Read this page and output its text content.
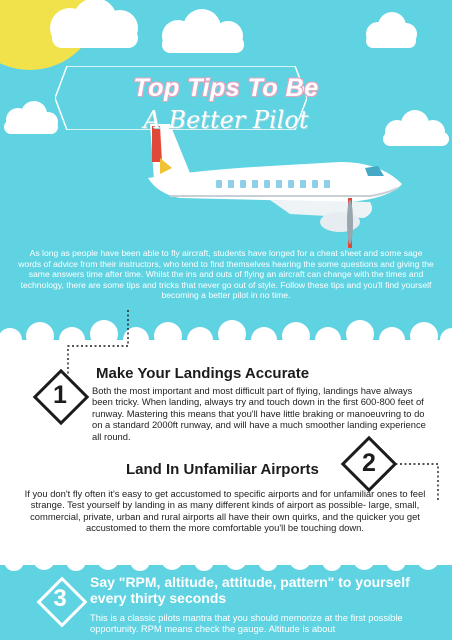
Top Tips To Be
A Better Pilot
As long as people have been able to fly aircraft, students have longed for a cheat sheet and some sage words of advice from their instructors, who tend to find themselves hearing the some questions and giving the same answers time after time. Whilst the ins and outs of flying an aircraft can change with the times and technology, there are some tips and tricks that never go out of style. Follow these tips and you'll find yourself becoming a better pilot in no time.
1
Make Your Landings Accurate
Both the most important and most difficult part of flying, landings have always been tricky. When landing, always try and touch down in the first 600-800 feet of runway. Mastering this means that you'll have little braking or manoeuvring to do on a standard 2000ft runway, and will have a much smoother landing experience all round.
2
Land In Unfamiliar Airports
If you don't fly often it's easy to get accustomed to specific airports and for unfamiliar ones to feel strange. Test yourself by landing in as many different kinds of airport as possible- large, small, commercial, private, urban and rural airports all have their own quirks, and the quicker you get accustomed to them the more comfortable you'll be touching down.
3
Say "RPM, altitude, attitude, pattern" to yourself every thirty seconds
This is a classic pilots mantra that you should memorize at the first possible opportunity. RPM means check the gauge. Altitude is about
